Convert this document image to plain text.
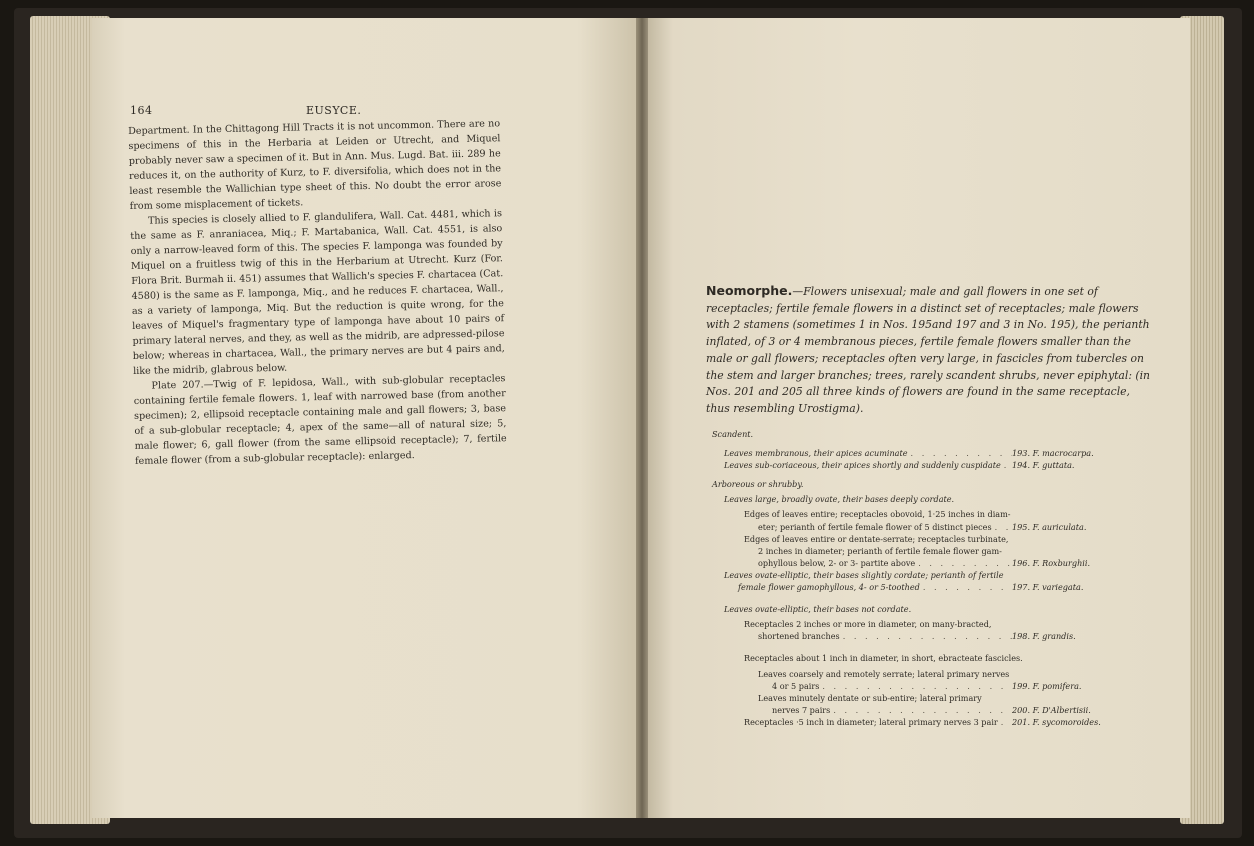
164	EUSYCE.

Department. In the Chittagong Hill Tracts it is not uncommon. There are no specimens of this in the Herbaria at Leiden or Utrecht, and Miquel probably never saw a specimen of it. But in Ann. Mus. Lugd. Bat. iii. 289 he reduces it, on the authority of Kurz, to F. diversifolia, which does not in the least resemble the Wallichian type sheet of this. No doubt the error arose from some misplacement of tickets.

This species is closely allied to F. glandulifera, Wall. Cat. 4481, which is the same as F. anraniacea, Miq.; F. Martabanica, Wall. Cat. 4551, is also only a narrow-leaved form of this. The species F. lamponga was founded by Miquel on a fruitless twig of this in the Herbarium at Utrecht. Kurz (For. Flora Brit. Burmah ii. 451) assumes that Wallich's species F. chartacea (Cat. 4580) is the same as F. lamponga, Miq., and he reduces F. chartacea, Wall., as a variety of lamponga, Miq. But the reduction is quite wrong, for the leaves of Miquel's fragmentary type of lamponga have about 10 pairs of primary lateral nerves, and they, as well as the midrib, are adpressed-pilose below; whereas in chartacea, Wall., the primary nerves are but 4 pairs and, like the midrib, glabrous below.

Plate 207.—Twig of F. lepidosa, Wall., with sub-globular receptacles containing fertile female flowers. 1, leaf with narrowed base (from another specimen); 2, ellipsoid receptacle containing male and gall flowers; 3, base of a sub-globular receptacle; 4, apex of the same—all of natural size; 5, male flower; 6, gall flower (from the same ellipsoid receptacle); 7, fertile female flower (from a sub-globular receptacle): enlarged.

Neomorphe.—Flowers unisexual; male and gall flowers in one set of receptacles; fertile female flowers in a distinct set of receptacles; male flowers with 2 stamens (sometimes 1 in Nos. 195and 197 and 3 in No. 195), the perianth inflated, of 3 or 4 membranous pieces, fertile female flowers smaller than the male or gall flowers; receptacles often very large, in fascicles from tubercles on the stem and larger branches; trees, rarely scandent shrubs, never epiphytal: (in Nos. 201 and 205 all three kinds of flowers are found in the same receptacle, thus resembling Urostigma).
Scandent.
Leaves membranous, their apices acuminate . . .	193. F. macrocarpa.
Leaves sub-coriaceous, their apices shortly and suddenly cuspidate . . . 194. F. guttata.
Arboreous or shrubby.
Leaves large, broadly ovate, their bases deeply cordate.
Edges of leaves entire; receptacles obovoid, 1·25 inches in diam-
eter; perianth of fertile female flower of 5 distinct pieces . . .	195. F. auriculata.
Edges of leaves entire or dentate-serrate; receptacles turbinate,
2 inches in diameter; perianth of fertile female flower gam-
ophyllous below, 2- or 3- partite above . . .	196. F. Roxburghii.
Leaves ovate-elliptic, their bases slightly cordate; perianth of fertile
female flower gamophyllous, 4- or 5-toothed . . .	197. F. variegata.
Leaves ovate-elliptic, their bases not cordate.
Receptacles 2 inches or more in diameter, on many-bracted,
shortened branches . . .	198. F. grandis.
Receptacles about 1 inch in diameter, in short, ebracteate fascicles.
Leaves coarsely and remotely serrate; lateral primary nerves
4 or 5 pairs . . .	199. F. pomifera.
Leaves minutely dentate or sub-entire; lateral primary
nerves 7 pairs . . .	200. F. D'Albertisii.
Receptacles ·5 inch in diameter; lateral primary nerves 3 pair . . . 201. F. sycomoroides.
